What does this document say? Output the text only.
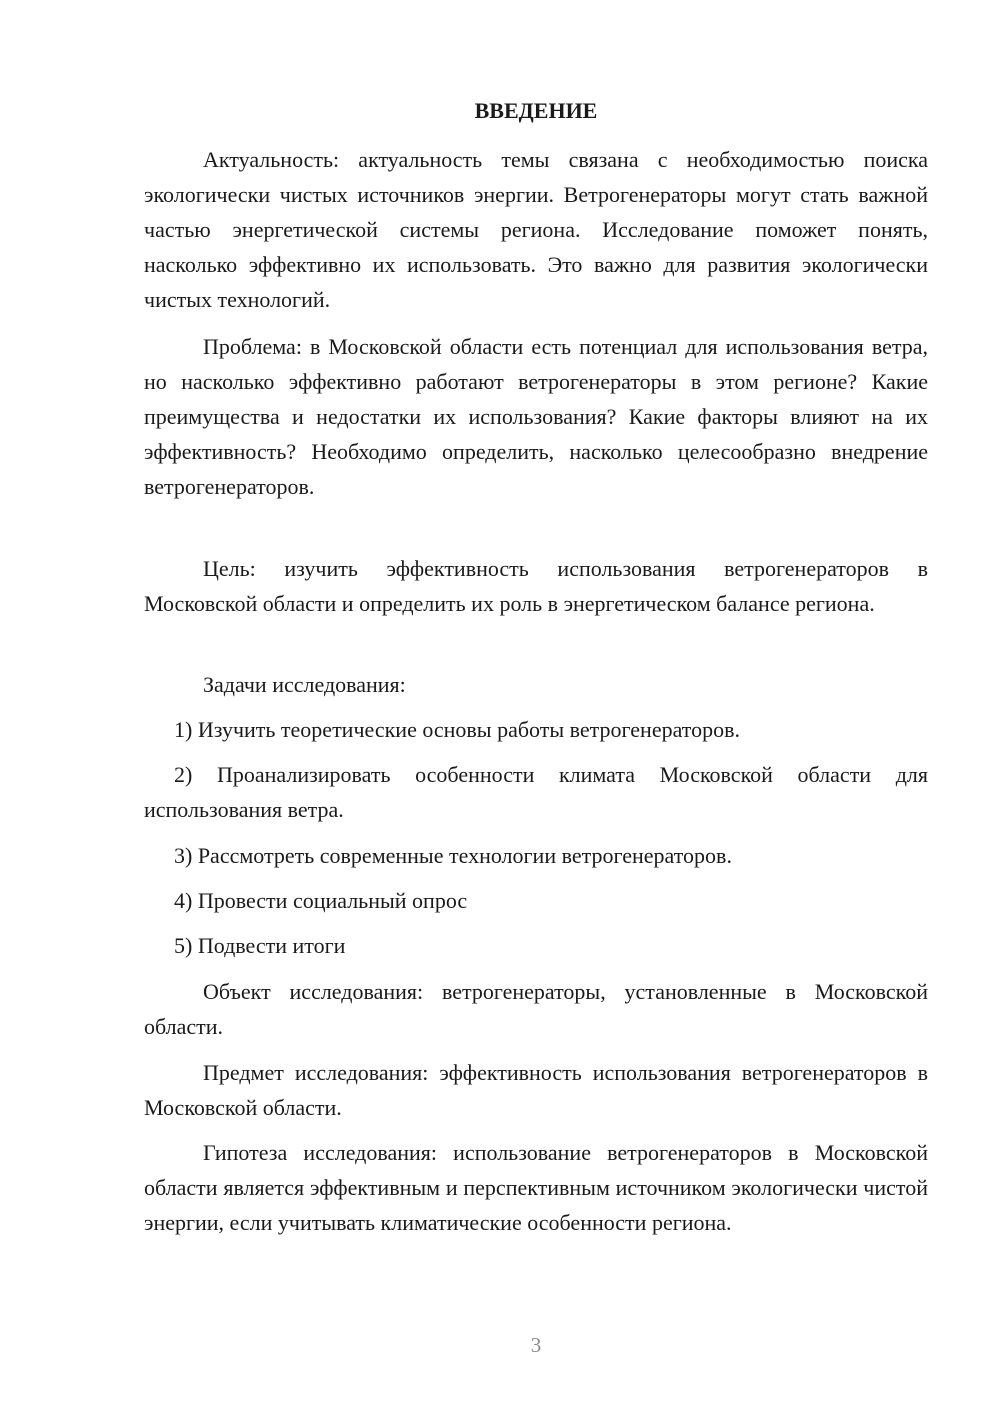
ВВЕДЕНИЕ

Актуальность: актуальность темы связана с необходимостью поиска экологически чистых источников энергии. Ветрогенераторы могут стать важной частью энергетической системы региона. Исследование поможет понять, насколько эффективно их использовать. Это важно для развития экологически чистых технологий.

Проблема: в Московской области есть потенциал для использования ветра, но насколько эффективно работают ветрогенераторы в этом регионе? Какие преимущества и недостатки их использования? Какие факторы влияют на их эффективность? Необходимо определить, насколько целесообразно внедрение ветрогенераторов.

Цель: изучить эффективность использования ветрогенераторов в Московской области и определить их роль в энергетическом балансе региона.

Задачи исследования:

1) Изучить теоретические основы работы ветрогенераторов.

2) Проанализировать особенности климата Московской области для использования ветра.

3) Рассмотреть современные технологии ветрогенераторов.

4) Провести социальный опрос

5) Подвести итоги

Объект исследования: ветрогенераторы, установленные в Московской области.

Предмет исследования: эффективность использования ветрогенераторов в Московской области.

Гипотеза исследования: использование ветрогенераторов в Московской области является эффективным и перспективным источником экологически чистой энергии, если учитывать климатические особенности региона.

3
